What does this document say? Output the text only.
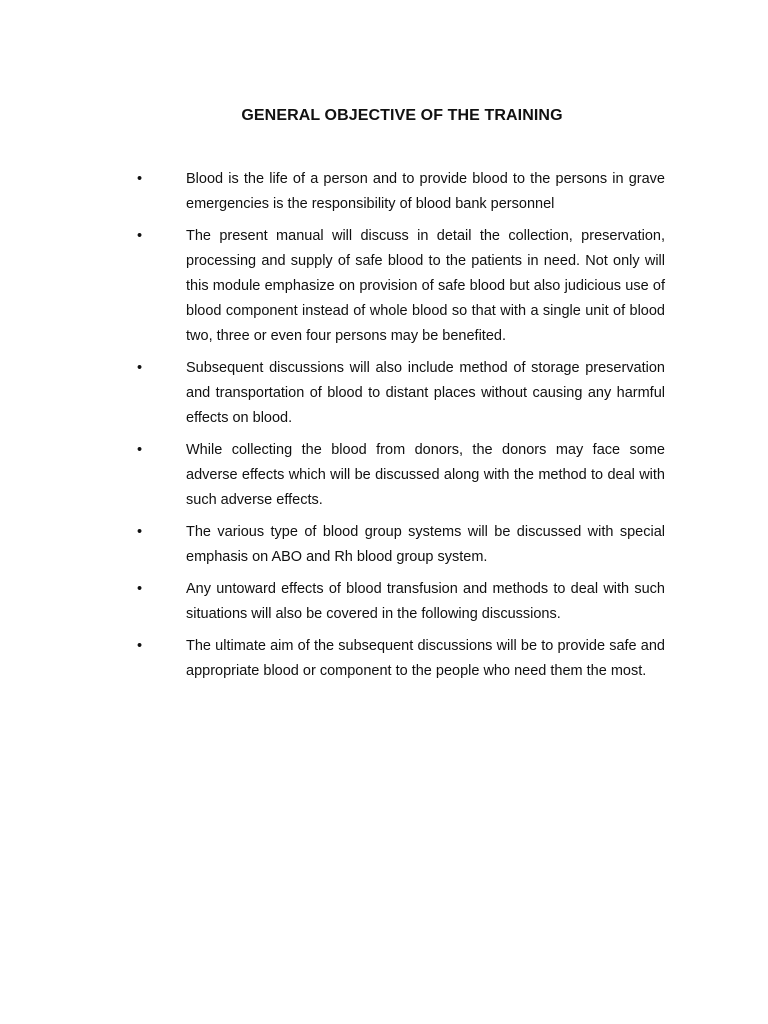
GENERAL OBJECTIVE OF THE TRAINING
•	Blood is the life of a person and to provide blood to the persons in grave emergencies is the responsibility of blood bank personnel
•	The present manual will discuss in detail the collection, preservation, processing and supply of safe blood to the patients in need. Not only will this module emphasize on provision of safe blood but also judicious use of blood component instead of whole blood so that with a single unit of blood two, three or even four persons may be benefited.
•	Subsequent discussions will also include method of storage preservation and transportation of blood to distant places without causing any harmful effects on blood.
•	While collecting the blood from donors, the donors may face some adverse effects which will be discussed along with the method to deal with such adverse effects.
•	The various type of blood group systems will be discussed with special emphasis on ABO and Rh blood group system.
•	Any untoward effects of blood transfusion and methods to deal with such situations will also be covered in the following discussions.
•	The ultimate aim of the subsequent discussions will be to provide safe and appropriate blood or component to the people who need them the most.
